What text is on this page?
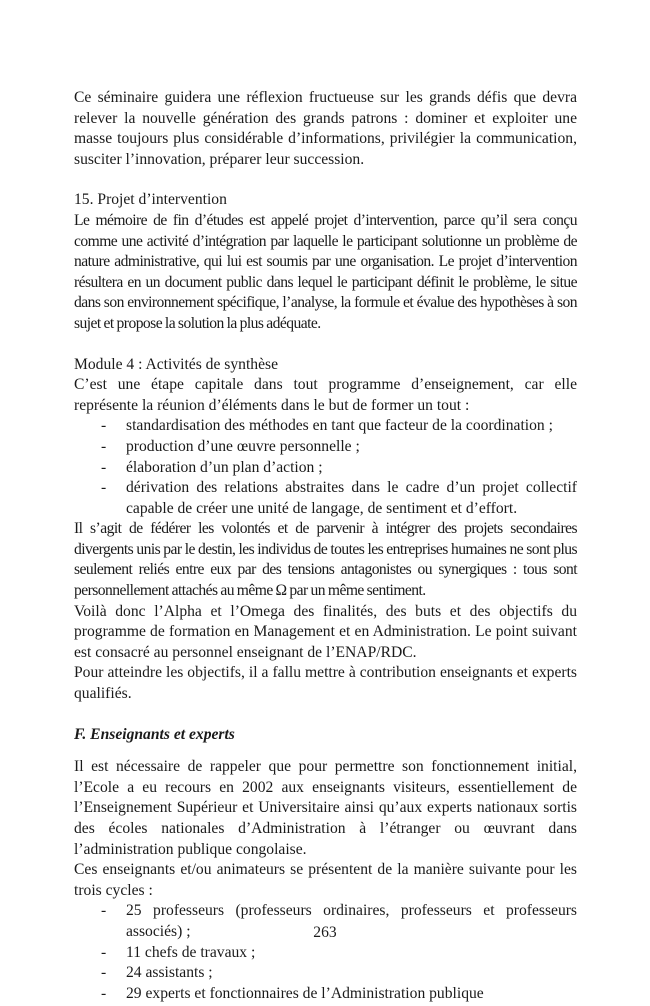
Ce séminaire guidera une réflexion fructueuse sur les grands défis que devra relever la nouvelle génération des grands patrons : dominer et exploiter une masse toujours plus considérable d’informations, privilégier la communication, susciter l’innovation, préparer leur succession.

15. Projet d’intervention

Le mémoire de fin d’études est appelé projet d’intervention, parce qu’il sera conçu comme une activité d’intégration par laquelle le participant solutionne un problème de nature administrative, qui lui est soumis par une organisation. Le projet d’intervention résultera en un document public dans lequel le participant définit le problème, le situe dans son environnement spécifique, l’analyse, la formule et évalue des hypothèses à son sujet et propose la solution la plus adéquate.

Module 4 : Activités de synthèse

C’est une étape capitale dans tout programme d’enseignement, car elle représente la réunion d’éléments dans le but de former un tout :

- standardisation des méthodes en tant que facteur de la coordination ;
- production d’une œuvre personnelle ;
- élaboration d’un plan d’action ;
- dérivation des relations abstraites dans le cadre d’un projet collectif capable de créer une unité de langage, de sentiment et d’effort.

Il s’agit de fédérer les volontés et de parvenir à intégrer des projets secondaires divergents unis par le destin, les individus de toutes les entreprises humaines ne sont plus seulement reliés entre eux par des tensions antagonistes ou synergiques : tous sont personnellement attachés au même Ω par un même sentiment.

Voilà donc l’Alpha et l’Omega des finalités, des buts et des objectifs du programme de formation en Management et en Administration. Le point suivant est consacré au personnel enseignant de l’ENAP/RDC.

Pour atteindre les objectifs, il a fallu mettre à contribution enseignants et experts qualifiés.

F. Enseignants et experts

Il est nécessaire de rappeler que pour permettre son fonctionnement initial, l’Ecole a eu recours en 2002 aux enseignants visiteurs, essentiellement de l’Enseignement Supérieur et Universitaire ainsi qu’aux experts nationaux sortis des écoles nationales d’Administration à l’étranger ou œuvrant dans l’administration publique congolaise.

Ces enseignants et/ou animateurs se présentent de la manière suivante pour les trois cycles :

- 25 professeurs (professeurs ordinaires, professeurs et professeurs associés) ;
- 11 chefs de travaux ;
- 24 assistants ;
- 29 experts et fonctionnaires de l’Administration publique
263
